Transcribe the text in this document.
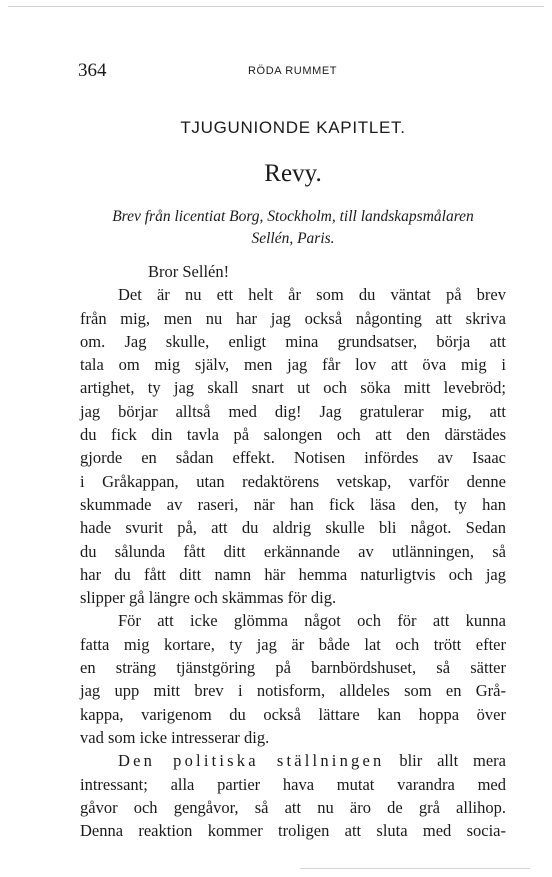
364	RÖDA RUMMET
TJUGUNIONDE KAPITLET.
Revy.
Brev från licentiat Borg, Stockholm, till landskapsmålaren
Sellén, Paris.
Bror Sellén!
Det är nu ett helt år som du väntat på brev
från mig, men nu har jag också någonting att skriva
om. Jag skulle, enligt mina grundsatser, börja att
tala om mig själv, men jag får lov att öva mig i
artighet, ty jag skall snart ut och söka mitt levebröd;
jag börjar alltså med dig! Jag gratulerar mig, att
du fick din tavla på salongen och att den därstädes
gjorde en sådan effekt. Notisen infördes av Isaac
i Gråkappan, utan redaktörens vetskap, varför denne
skummade av raseri, när han fick läsa den, ty han
hade svurit på, att du aldrig skulle bli något. Sedan
du sålunda fått ditt erkännande av utlänningen, så
har du fått ditt namn här hemma naturligtvis och jag
slipper gå längre och skämmas för dig.
För att icke glömma något och för att kunna
fatta mig kortare, ty jag är både lat och trött efter
en sträng tjänstgöring på barnbördshuset, så sätter
jag upp mitt brev i notisform, alldeles som en Grå-
kappa, varigenom du också lättare kan hoppa över
vad som icke intresserar dig.
Den politiska ställningen blir allt mera
intressant; alla partier hava mutat varandra med
gåvor och gengåvor, så att nu äro de grå allihop.
Denna reaktion kommer troligen att sluta med socia-
